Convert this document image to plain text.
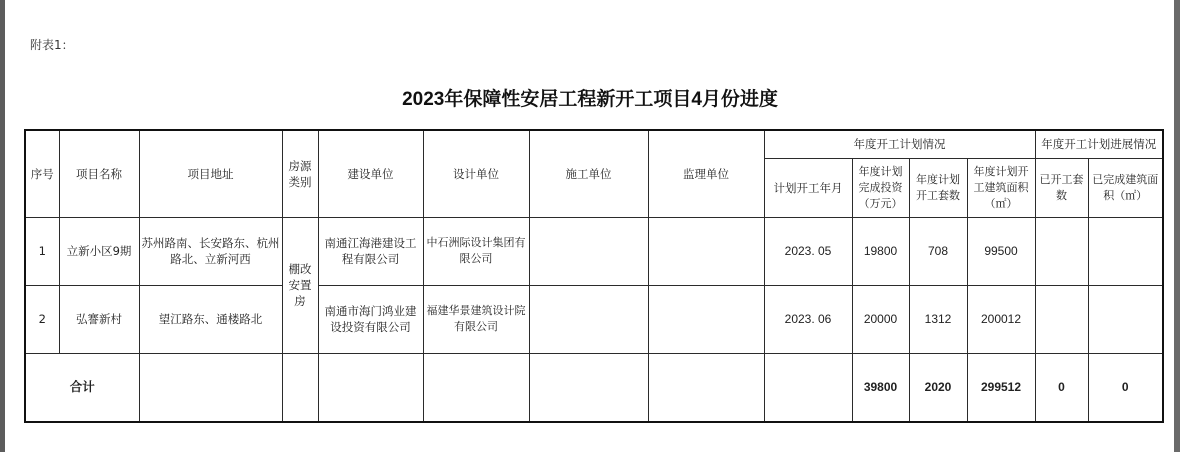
附表1：
2023年保障性安居工程新开工项目4月份进度
序号	项目名称	项目地址	房源类别	建设单位	设计单位	施工单位	监理单位	年度开工计划情况				年度开工计划进展情况	
								计划开工年月	年度计划完成投资（万元）	年度计划开工套数	年度计划开工建筑面积（㎡）	已开工套数	已完成建筑面积（㎡）
1	立新小区9期	苏州路南、长安路东、杭州路北、立新河西	棚改安置房	南通江海港建设工程有限公司	中石洲际设计集团有限公司			2023. 05	19800	708	99500		
2	弘謇新村	望江路东、通楼路北		南通市海门鸿业建设投资有限公司	福建华景建筑设计院有限公司			2023. 06	20000	1312	200012		
合计									39800	2020	299512	0	0
